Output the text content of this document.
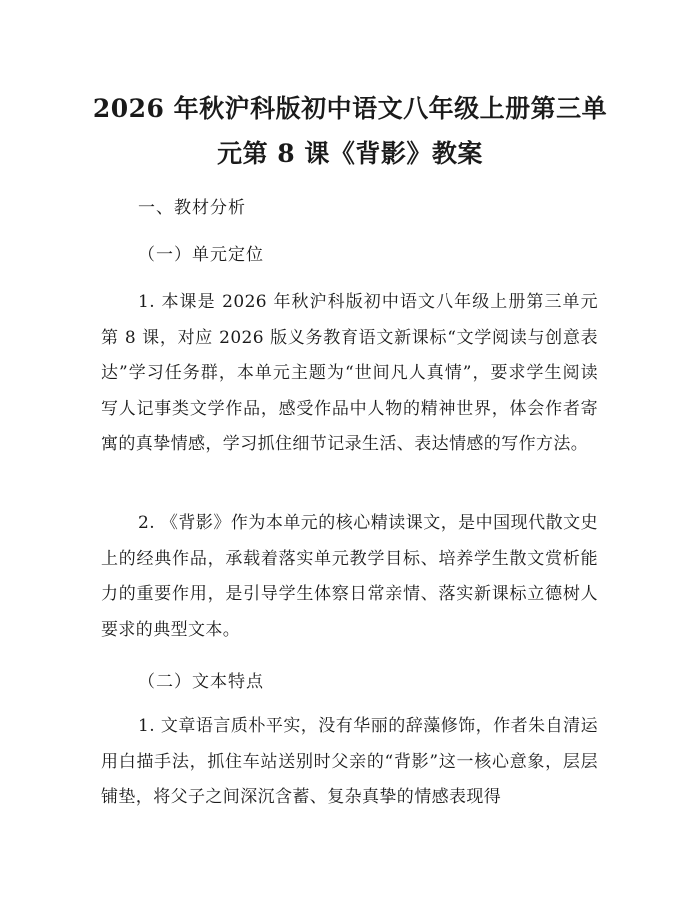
2026 年秋沪科版初中语文八年级上册第三单
元第 8 课《背影》教案

一、教材分析

（一）单元定位

1. 本课是 2026 年秋沪科版初中语文八年级上册第三单元第 8 课，对应 2026 版义务教育语文新课标“文学阅读与创意表达”学习任务群，本单元主题为“世间凡人真情”，要求学生阅读写人记事类文学作品，感受作品中人物的精神世界，体会作者寄寓的真挚情感，学习抓住细节记录生活、表达情感的写作方法。

2. 《背影》作为本单元的核心精读课文，是中国现代散文史上的经典作品，承载着落实单元教学目标、培养学生散文赏析能力的重要作用，是引导学生体察日常亲情、落实新课标立德树人要求的典型文本。

（二）文本特点

1. 文章语言质朴平实，没有华丽的辞藻修饰，作者朱自清运用白描手法，抓住车站送别时父亲的“背影”这一核心意象，层层铺垫，将父子之间深沉含蓄、复杂真挚的情感表现得
